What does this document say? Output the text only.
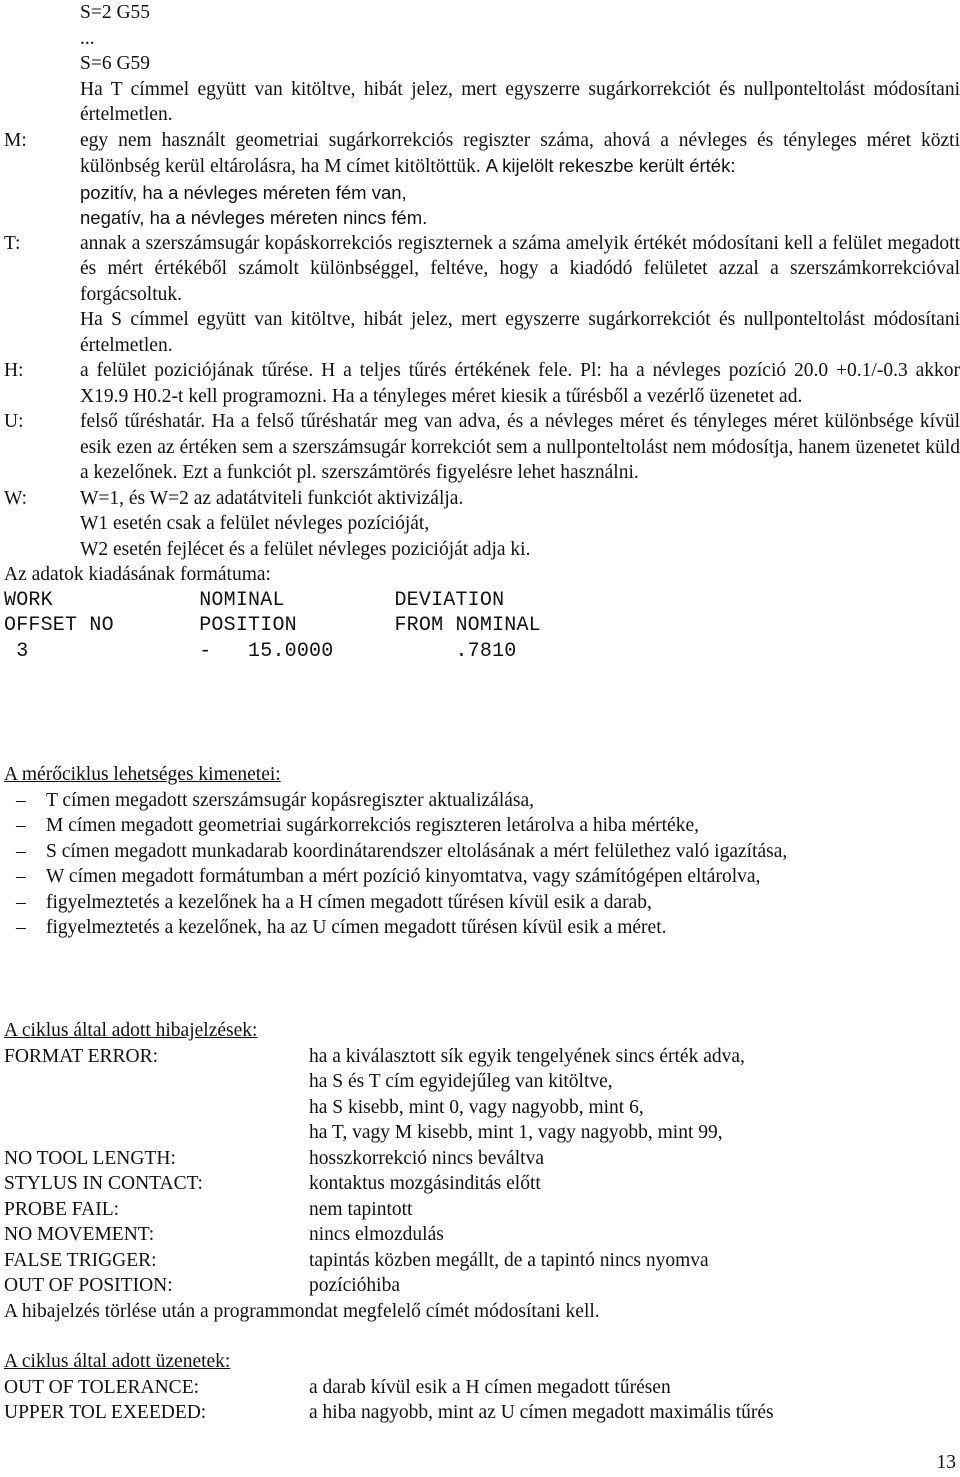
S=2 G55
...
S=6 G59
Ha T címmel együtt van kitöltve, hibát jelez, mert egyszerre sugárkorrekciót és nullponteltolást módosítani értelmetlen.
M:	egy nem használt geometriai sugárkorrekciós regiszter száma, ahová a névleges és tényleges méret közti különbség kerül eltárolásra, ha M címet kitöltöttük. A kijelölt rekeszbe került érték:
pozitív, ha a névleges méreten fém van,
negatív, ha a névleges méreten nincs fém.
T:	annak a szerszámsugár kopáskorrekciós regiszternek a száma amelyik értékét módosítani kell a felület megadott és mért értékéből számolt különbséggel, feltéve, hogy a kiadódó felületet azzal a szerszámkorrekcióval forgácsoltuk.
Ha S címmel együtt van kitöltve, hibát jelez, mert egyszerre sugárkorrekciót és nullponteltolást módosítani értelmetlen.
H:	a felület poziciójának tűrése. H a teljes tűrés értékének fele. Pl: ha a névleges pozíció 20.0 +0.1/-0.3 akkor X19.9 H0.2-t kell programozni. Ha a tényleges méret kiesik a tűrésből a vezérlő üzenetet ad.
U:	felső tűréshatár. Ha a felső tűréshatár meg van adva, és a névleges méret és tényleges méret különbsége kívül esik ezen az értéken sem a szerszámsugár korrekciót sem a nullponteltolást nem módosítja, hanem üzenetet küld a kezelőnek. Ezt a funkciót pl. szerszámtörés figyelésre lehet használni.
W:	W=1, és W=2 az adatátviteli funkciót aktivizálja.
W1 esetén csak a felület névleges pozícióját,
W2 esetén fejlécet és a felület névleges pozicióját adja ki.
Az adatok kiadásának formátuma:
WORK            NOMINAL         DEVIATION
OFFSET NO       POSITION        FROM NOMINAL
3              -   15.0000          .7810
A mérőciklus lehetséges kimenetei:
– T címen megadott szerszámsugár kopásregiszter aktualizálása,
– M címen megadott geometriai sugárkorrekciós regiszteren letárolva a hiba mértéke,
– S címen megadott munkadarab koordinátarendszer eltolásának a mért felülethez való igazítása,
– W címen megadott formátumban a mért pozíció kinyomtatva, vagy számítógépen eltárolva,
– figyelmeztetés a kezelőnek ha a H címen megadott tűrésen kívül esik a darab,
– figyelmeztetés a kezelőnek, ha az U címen megadott tűrésen kívül esik a méret.
A ciklus által adott hibajelzések:
FORMAT ERROR:	ha a kiválasztott sík egyik tengelyének sincs érték adva,
ha S és T cím egyidejűleg van kitöltve,
ha S kisebb, mint 0, vagy nagyobb, mint 6,
ha T, vagy M kisebb, mint 1, vagy nagyobb, mint 99,
NO TOOL LENGTH:	hosszkorrekció nincs beváltva
STYLUS IN CONTACT:	kontaktus mozgásinditás előtt
PROBE FAIL:	nem tapintott
NO MOVEMENT:	nincs elmozdulás
FALSE TRIGGER:	tapintás közben megállt, de a tapintó nincs nyomva
OUT OF POSITION:	pozícióhiba
A hibajelzés törlése után a programmondat megfelelő címét módosítani kell.
A ciklus által adott üzenetek:
OUT OF TOLERANCE:	a darab kívül esik a H címen megadott tűrésen
UPPER TOL EXEEDED:	a hiba nagyobb, mint az U címen megadott maximális tűrés
13
